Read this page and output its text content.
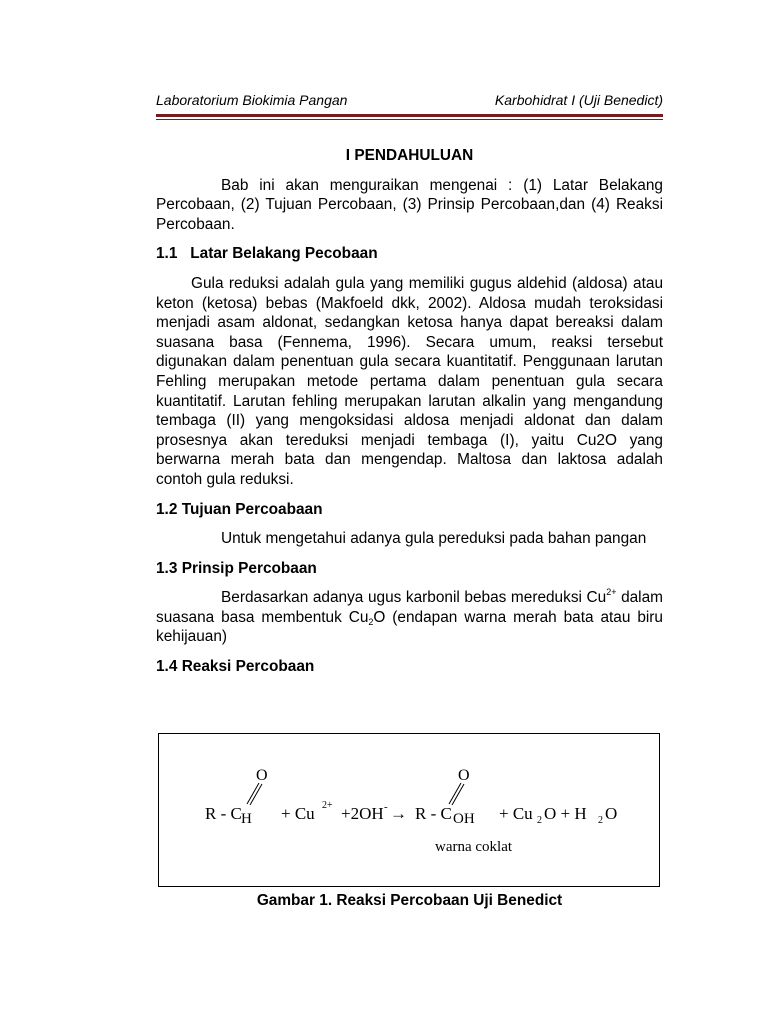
Laboratorium Biokimia Pangan	Karbohidrat I (Uji Benedict)
I PENDAHULUAN

Bab ini akan menguraikan mengenai : (1) Latar Belakang Percobaan, (2) Tujuan Percobaan, (3) Prinsip Percobaan,dan (4) Reaksi Percobaan.

1.1 Latar Belakang Pecobaan

Gula reduksi adalah gula yang memiliki gugus aldehid (aldosa) atau keton (ketosa) bebas (Makfoeld dkk, 2002). Aldosa mudah teroksidasi menjadi asam aldonat, sedangkan ketosa hanya dapat bereaksi dalam suasana basa (Fennema, 1996). Secara umum, reaksi tersebut digunakan dalam penentuan gula secara kuantitatif. Penggunaan larutan Fehling merupakan metode pertama dalam penentuan gula secara kuantitatif. Larutan fehling merupakan larutan alkalin yang mengandung tembaga (II) yang mengoksidasi aldosa menjadi aldonat dan dalam prosesnya akan tereduksi menjadi tembaga (I), yaitu Cu2O yang berwarna merah bata dan mengendap. Maltosa dan laktosa adalah contoh gula reduksi.

1.2 Tujuan Percoabaan

Untuk mengetahui adanya gula pereduksi pada bahan pangan

1.3 Prinsip Percobaan

Berdasarkan adanya ugus karbonil bebas mereduksi $Cu^{2+}$ dalam suasana basa membentuk $Cu_2O$ (endapan warna merah bata atau biru kehijauan)

1.4 Reaksi Percobaan
R - C H
O
+ Cu 2+ +2OH - → R - C OH
O
+ Cu 2 O + H 2 O
warna coklat
Gambar 1. Reaksi Percobaan Uji Benedict
